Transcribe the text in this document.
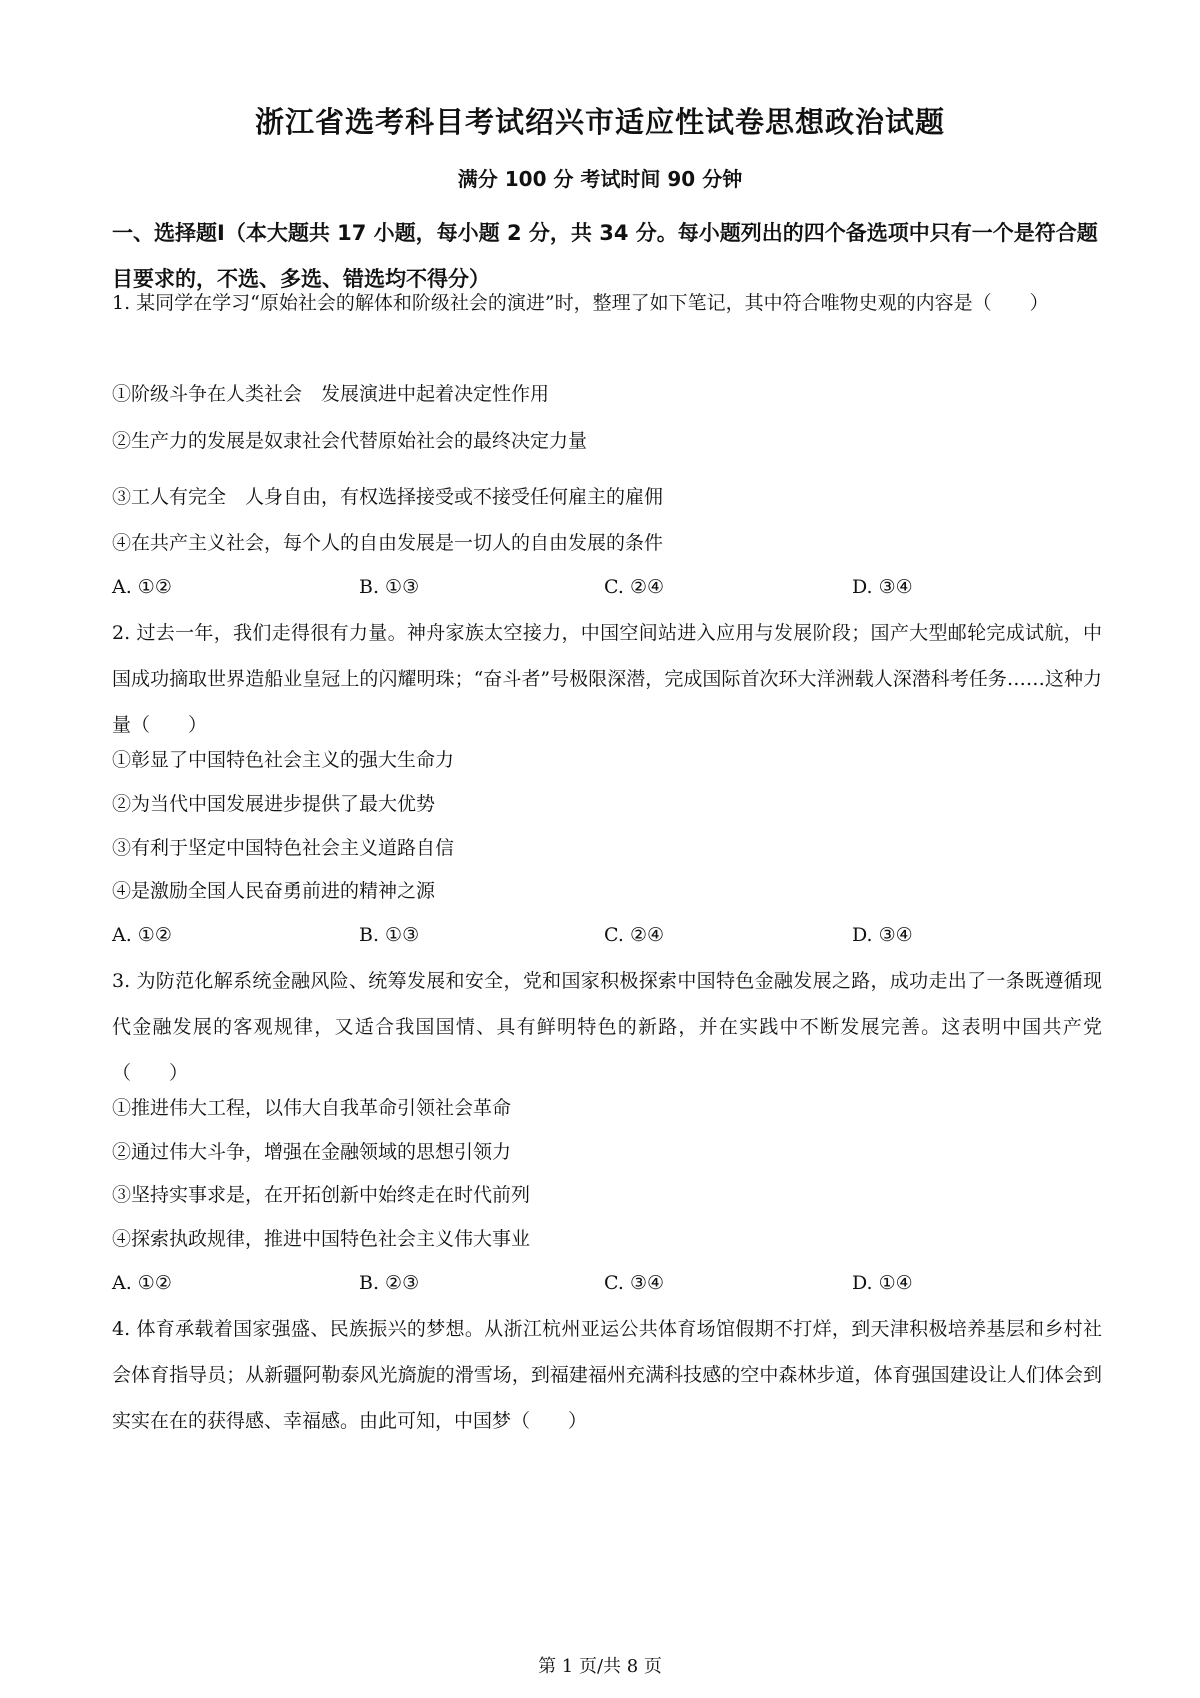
浙江省选考科目考试绍兴市适应性试卷思想政治试题
满分 100 分 考试时间 90 分钟
一、选择题Ⅰ（本大题共 17 小题，每小题 2 分，共 34 分。每小题列出的四个备选项中只有一个是符合题目要求的，不选、多选、错选均不得分）
1. 某同学在学习“原始社会的解体和阶级社会的演进”时，整理了如下笔记，其中符合唯物史观的内容是（　　）
①阶级斗争在人类社会　发展演进中起着决定性作用
②生产力的发展是奴隶社会代替原始社会的最终决定力量
③工人有完全　人身自由，有权选择接受或不接受任何雇主的雇佣
④在共产主义社会，每个人的自由发展是一切人的自由发展的条件
A. ①②	B. ①③	C. ②④	D. ③④
2. 过去一年，我们走得很有力量。神舟家族太空接力，中国空间站进入应用与发展阶段；国产大型邮轮完成试航，中国成功摘取世界造船业皇冠上的闪耀明珠；“奋斗者”号极限深潜，完成国际首次环大洋洲载人深潜科考任务……这种力量（　　）
①彰显了中国特色社会主义的强大生命力
②为当代中国发展进步提供了最大优势
③有利于坚定中国特色社会主义道路自信
④是激励全国人民奋勇前进的精神之源
A. ①②	B. ①③	C. ②④	D. ③④
3. 为防范化解系统金融风险、统筹发展和安全，党和国家积极探索中国特色金融发展之路，成功走出了一条既遵循现代金融发展的客观规律，又适合我国国情、具有鲜明特色的新路，并在实践中不断发展完善。这表明中国共产党（　　）
①推进伟大工程，以伟大自我革命引领社会革命
②通过伟大斗争，增强在金融领域的思想引领力
③坚持实事求是，在开拓创新中始终走在时代前列
④探索执政规律，推进中国特色社会主义伟大事业
A. ①②	B. ②③	C. ③④	D. ①④
4. 体育承载着国家强盛、民族振兴的梦想。从浙江杭州亚运公共体育场馆假期不打烊，到天津积极培养基层和乡村社会体育指导员；从新疆阿勒泰风光旖旎的滑雪场，到福建福州充满科技感的空中森林步道，体育强国建设让人们体会到实实在在的获得感、幸福感。由此可知，中国梦（　　）
第 1 页/共 8 页
